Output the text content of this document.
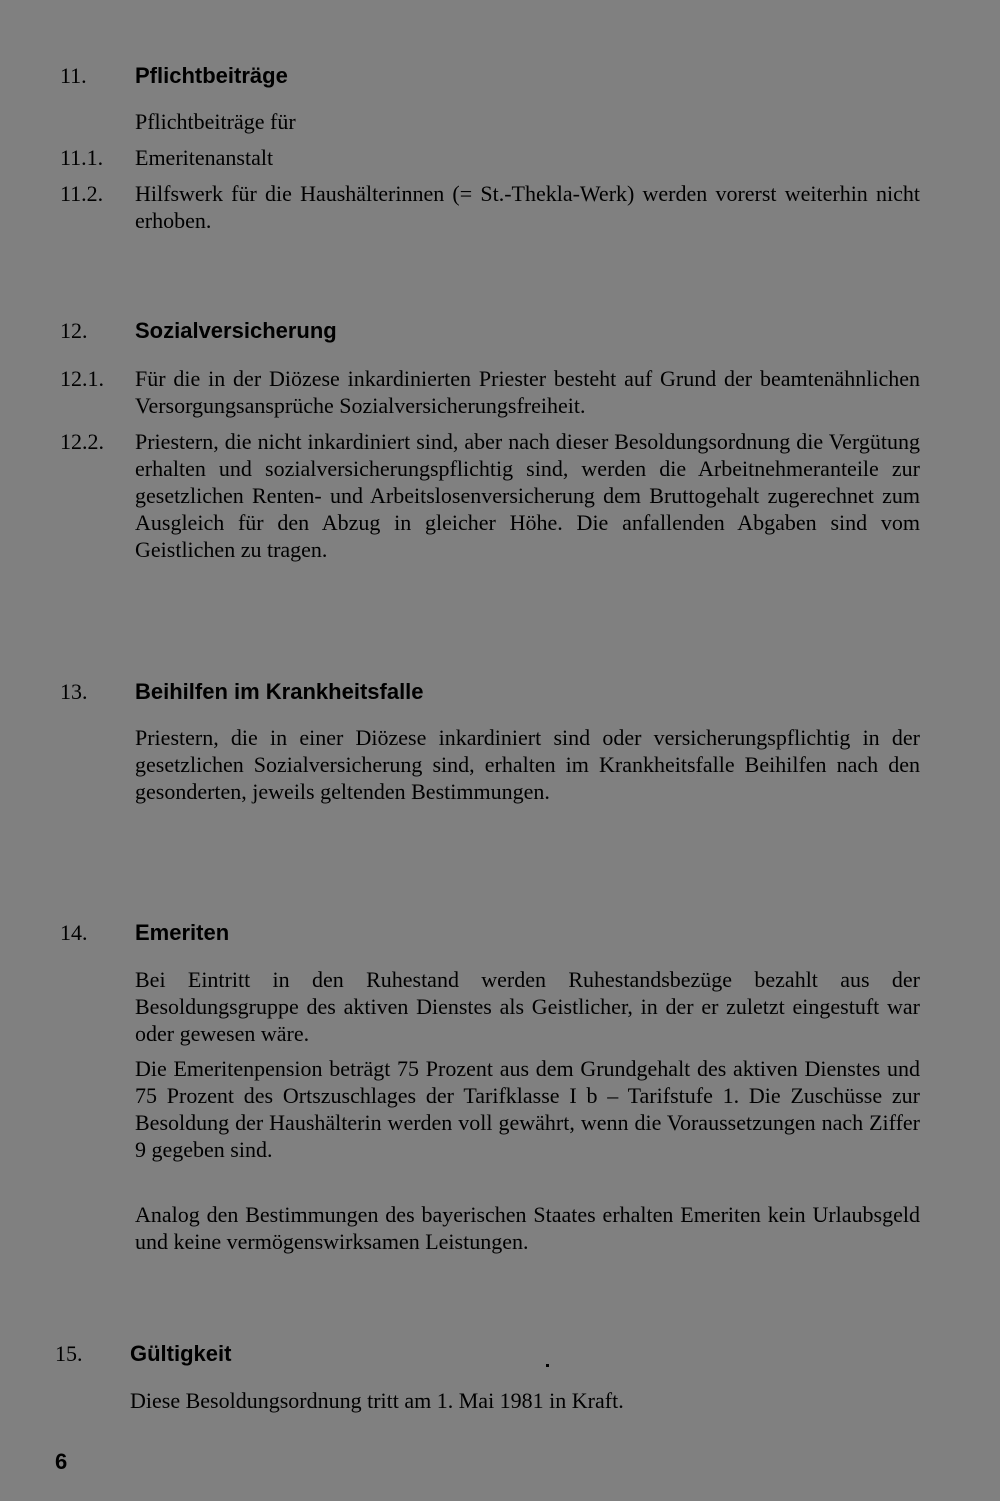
11.	Pflichtbeiträge
Pflichtbeiträge für
11.1.	Emeritenanstalt
11.2.	Hilfswerk für die Haushälterinnen (= St.-Thekla-Werk) werden vorerst weiterhin nicht erhoben.
12.	Sozialversicherung
12.1.	Für die in der Diözese inkardinierten Priester besteht auf Grund der beamtenähnlichen Versorgungsansprüche Sozialversicherungsfreiheit.
12.2.	Priestern, die nicht inkardiniert sind, aber nach dieser Besoldungsordnung die Vergütung erhalten und sozialversicherungspflichtig sind, werden die Arbeitnehmeranteile zur gesetzlichen Renten- und Arbeitslosenversicherung dem Bruttogehalt zugerechnet zum Ausgleich für den Abzug in gleicher Höhe. Die anfallenden Abgaben sind vom Geistlichen zu tragen.
13.	Beihilfen im Krankheitsfalle
Priestern, die in einer Diözese inkardiniert sind oder versicherungspflichtig in der gesetzlichen Sozialversicherung sind, erhalten im Krankheitsfalle Beihilfen nach den gesonderten, jeweils geltenden Bestimmungen.
14.	Emeriten
Bei Eintritt in den Ruhestand werden Ruhestandsbezüge bezahlt aus der Besoldungsgruppe des aktiven Dienstes als Geistlicher, in der er zuletzt eingestuft war oder gewesen wäre.
Die Emeritenpension beträgt 75 Prozent aus dem Grundgehalt des aktiven Dienstes und 75 Prozent des Ortszuschlages der Tarifklasse I b – Tarifstufe 1. Die Zuschüsse zur Besoldung der Haushälterin werden voll gewährt, wenn die Voraussetzungen nach Ziffer 9 gegeben sind.
Analog den Bestimmungen des bayerischen Staates erhalten Emeriten kein Urlaubsgeld und keine vermögenswirksamen Leistungen.
15.	Gültigkeit
Diese Besoldungsordnung tritt am 1. Mai 1981 in Kraft.
6
